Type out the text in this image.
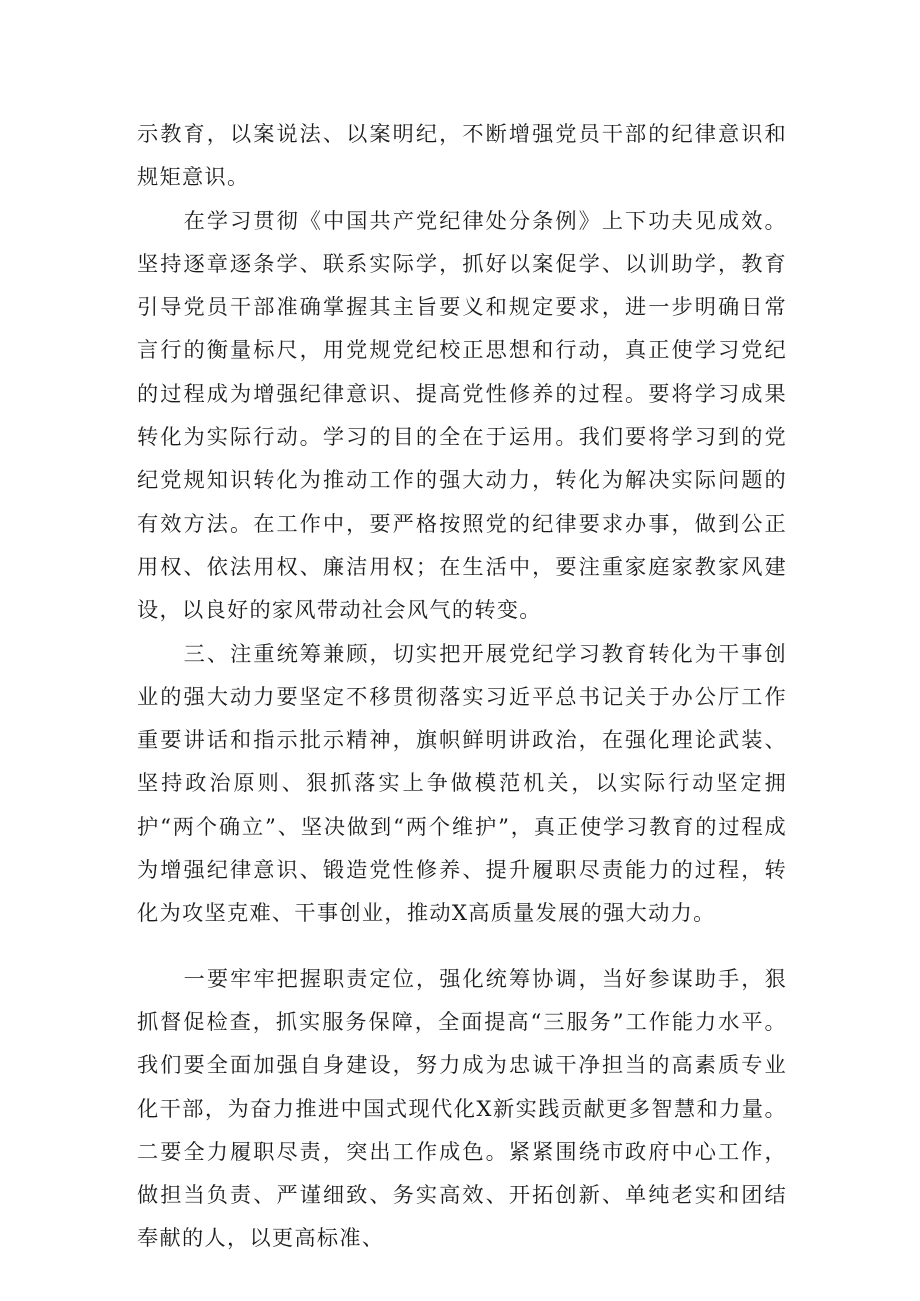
示教育，以案说法、以案明纪，不断增强党员干部的纪律意识和规矩意识。

在学习贯彻《中国共产党纪律处分条例》上下功夫见成效。坚持逐章逐条学、联系实际学，抓好以案促学、以训助学，教育引导党员干部准确掌握其主旨要义和规定要求，进一步明确日常言行的衡量标尺，用党规党纪校正思想和行动，真正使学习党纪的过程成为增强纪律意识、提高党性修养的过程。要将学习成果转化为实际行动。学习的目的全在于运用。我们要将学习到的党纪党规知识转化为推动工作的强大动力，转化为解决实际问题的有效方法。在工作中，要严格按照党的纪律要求办事，做到公正用权、依法用权、廉洁用权；在生活中，要注重家庭家教家风建设，以良好的家风带动社会风气的转变。

三、注重统筹兼顾，切实把开展党纪学习教育转化为干事创业的强大动力要坚定不移贯彻落实习近平总书记关于办公厅工作重要讲话和指示批示精神，旗帜鲜明讲政治，在强化理论武装、坚持政治原则、狠抓落实上争做模范机关，以实际行动坚定拥护“两个确立”、坚决做到“两个维护”，真正使学习教育的过程成为增强纪律意识、锻造党性修养、提升履职尽责能力的过程，转化为攻坚克难、干事创业，推动X高质量发展的强大动力。

一要牢牢把握职责定位，强化统筹协调，当好参谋助手，狠抓督促检查，抓实服务保障，全面提高“三服务”工作能力水平。我们要全面加强自身建设，努力成为忠诚干净担当的高素质专业化干部，为奋力推进中国式现代化X新实践贡献更多智慧和力量。二要全力履职尽责，突出工作成色。紧紧围绕市政府中心工作，做担当负责、严谨细致、务实高效、开拓创新、单纯老实和团结奉献的人，以更高标准、
